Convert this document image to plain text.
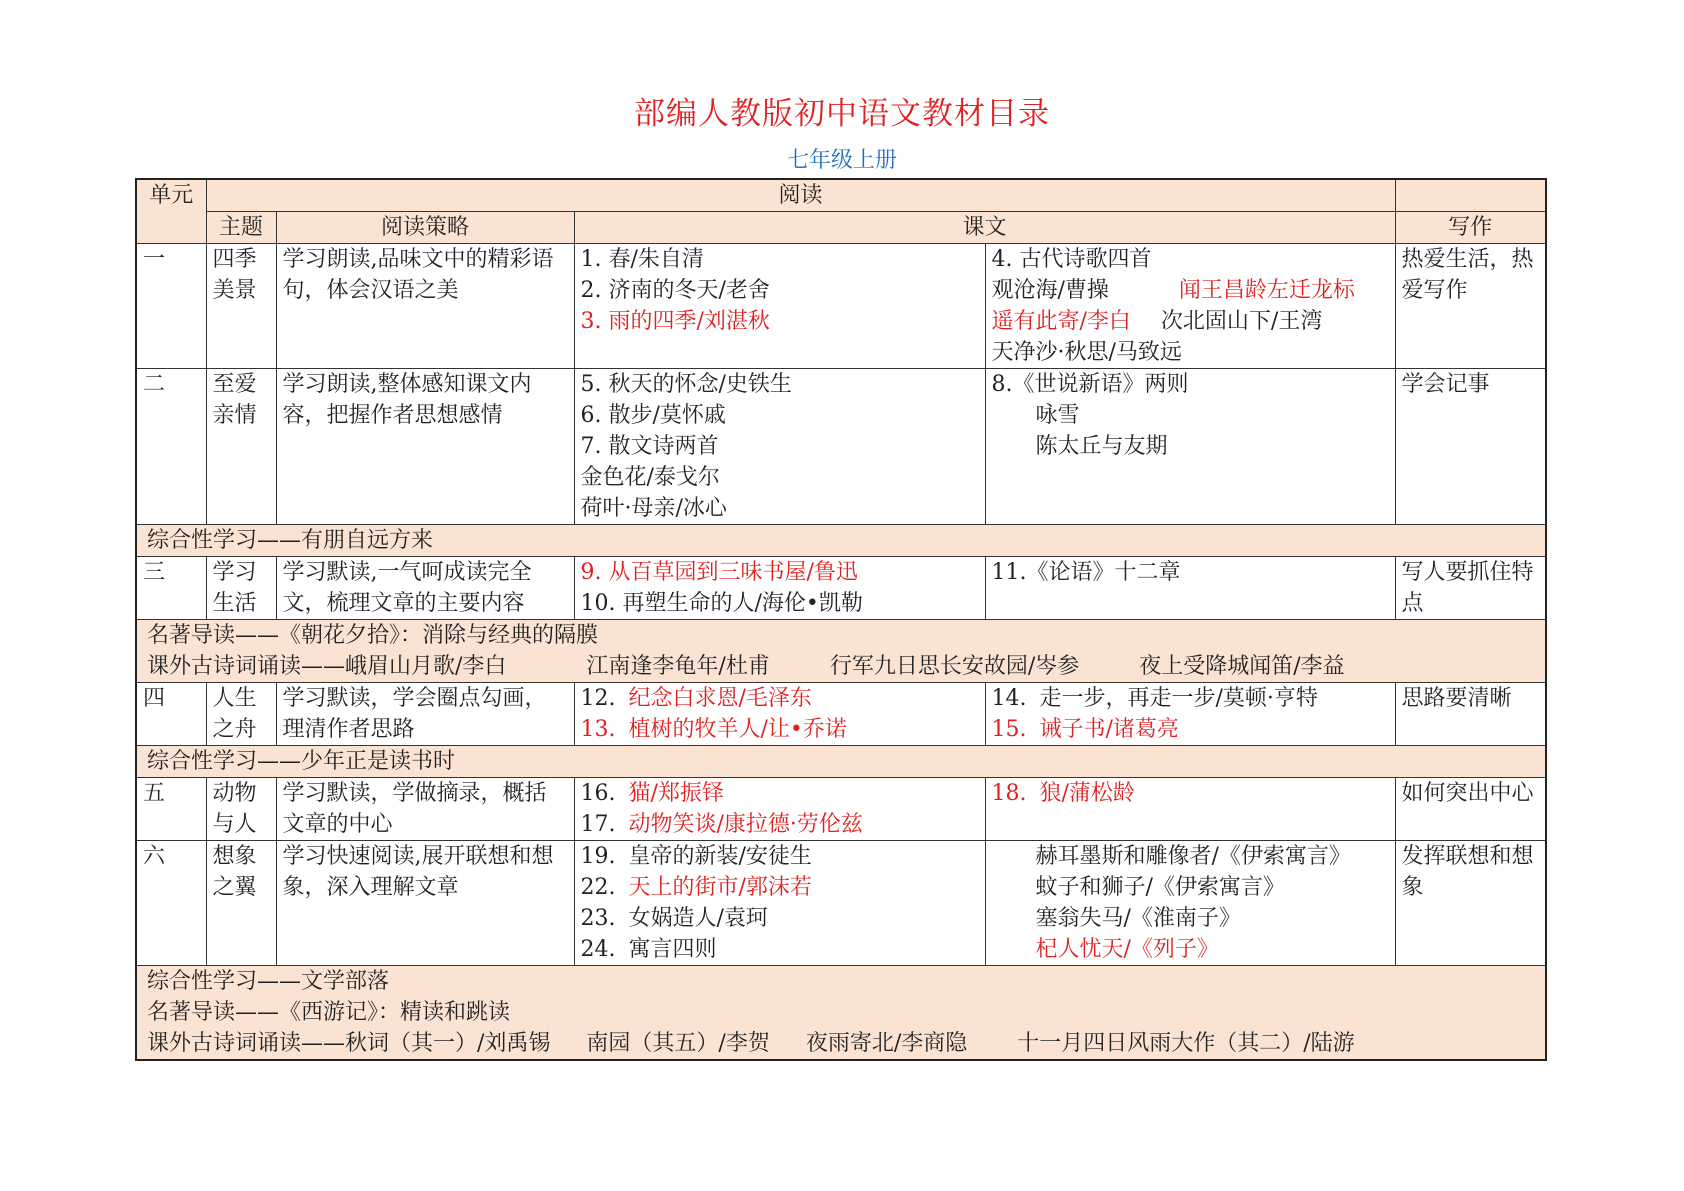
部编人教版初中语文教材目录
七年级上册
单元	阅读				
	主题	阅读策略	课文		写作
一	四季美景	学习朗读,品味文中的精彩语句，体会汉语之美	1. 春/朱自清
2. 济南的冬天/老舍
3. 雨的四季/刘湛秋	4. 古代诗歌四首
观沧海/曹操 闻王昌龄左迁龙标
遥有此寄/李白 次北固山下/王湾
天净沙·秋思/马致远	热爱生活，热爱写作
二	至爱亲情	学习朗读,整体感知课文内容，把握作者思想感情	5. 秋天的怀念/史铁生
6. 散步/莫怀戚
7. 散文诗两首
金色花/泰戈尔
荷叶·母亲/冰心	8.《世说新语》两则
咏雪
陈太丘与友期	学会记事
综合性学习——有朋自远方来					
三	学习生活	学习默读,一气呵成读完全文，梳理文章的主要内容	9. 从百草园到三味书屋/鲁迅
10. 再塑生命的人/海伦•凯勒	11.《论语》十二章	写人要抓住特点

名著导读——《朝花夕拾》：消除与经典的隔膜
课外古诗词诵读——峨眉山月歌/李白 江南逢李龟年/杜甫 行军九日思长安故园/岑参 夜上受降城闻笛/李益					

四	人生之舟	学习默读，学会圈点勾画，理清作者思路	12. 纪念白求恩/毛泽东
13. 植树的牧羊人/让•乔诺	14. 走一步，再走一步/莫顿·亨特
15. 诫子书/诸葛亮	思路要清晰
综合性学习——少年正是读书时					
五	动物与人	学习默读，学做摘录，概括文章的中心	16. 猫/郑振铎
17. 动物笑谈/康拉德·劳伦兹	18. 狼/蒲松龄	如何突出中心
六	想象之翼	学习快速阅读,展开联想和想象，深入理解文章	19. 皇帝的新装/安徒生
22. 天上的街市/郭沫若
23. 女娲造人/袁珂
24. 寓言四则	赫耳墨斯和雕像者/《伊索寓言》
蚊子和狮子/《伊索寓言》
塞翁失马/《淮南子》
杞人忧天/《列子》	发挥联想和想象

综合性学习——文学部落
名著导读——《西游记》：精读和跳读
课外古诗词诵读——秋词（其一）/刘禹锡 南园（其五）/李贺 夜雨寄北/李商隐 十一月四日风雨大作（其二）/陆游					
